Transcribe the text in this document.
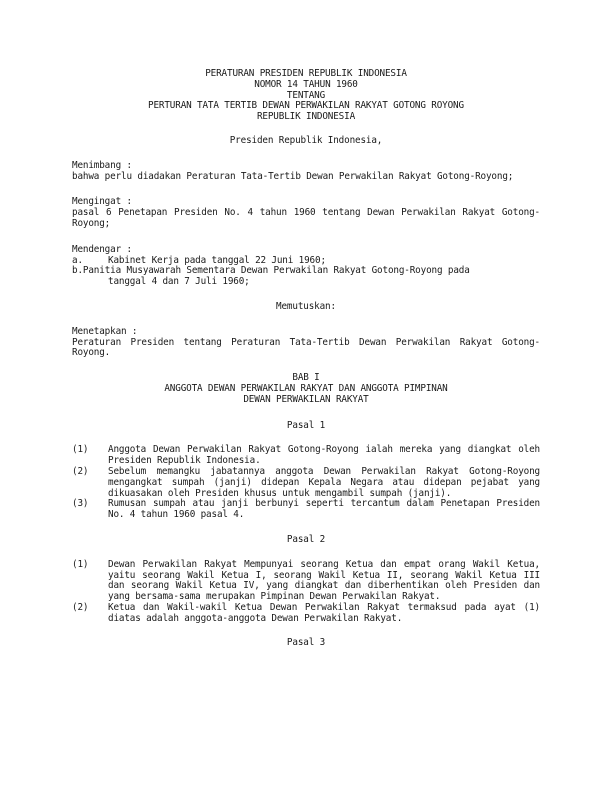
PERATURAN PRESIDEN REPUBLIK INDONESIA
NOMOR 14 TAHUN 1960
TENTANG
PERTURAN TATA TERTIB DEWAN PERWAKILAN RAKYAT GOTONG ROYONG
REPUBLIK INDONESIA
Presiden Republik Indonesia,
Menimbang :
bahwa perlu diadakan Peraturan Tata-Tertib Dewan Perwakilan Rakyat Gotong-Royong;
Mengingat :
pasal 6 Penetapan Presiden No. 4 tahun 1960 tentang Dewan Perwakilan Rakyat Gotong-Royong;
Mendengar :
a.	Kabinet Kerja pada tanggal 22 Juni 1960;
b.Panitia Musyawarah Sementara Dewan Perwakilan Rakyat Gotong-Royong pada
tanggal 4 dan 7 Juli 1960;
Memutuskan:
Menetapkan :
Peraturan Presiden tentang Peraturan Tata-Tertib Dewan Perwakilan Rakyat Gotong-Royong.
BAB I
ANGGOTA DEWAN PERWAKILAN RAKYAT DAN ANGGOTA PIMPINAN
DEWAN PERWAKILAN RAKYAT
Pasal 1
(1)	Anggota Dewan Perwakilan Rakyat Gotong-Royong ialah mereka yang diangkat oleh Presiden Republik Indonesia.
(2)	Sebelum memangku jabatannya anggota Dewan Perwakilan Rakyat Gotong-Royong mengangkat sumpah (janji) didepan Kepala Negara atau didepan pejabat yang dikuasakan oleh Presiden khusus untuk mengambil sumpah (janji).
(3)	Rumusan sumpah atau janji berbunyi seperti tercantum dalam Penetapan Presiden No. 4 tahun 1960 pasal 4.
Pasal 2
(1)	Dewan Perwakilan Rakyat Mempunyai seorang Ketua dan empat orang Wakil Ketua, yaitu seorang Wakil Ketua I, seorang Wakil Ketua II, seorang Wakil Ketua III dan seorang Wakil Ketua IV, yang diangkat dan diberhentikan oleh Presiden dan yang bersama-sama merupakan Pimpinan Dewan Perwakilan Rakyat.
(2)	Ketua dan Wakil-wakil Ketua Dewan Perwakilan Rakyat termaksud pada ayat (1) diatas adalah anggota-anggota Dewan Perwakilan Rakyat.
Pasal 3
